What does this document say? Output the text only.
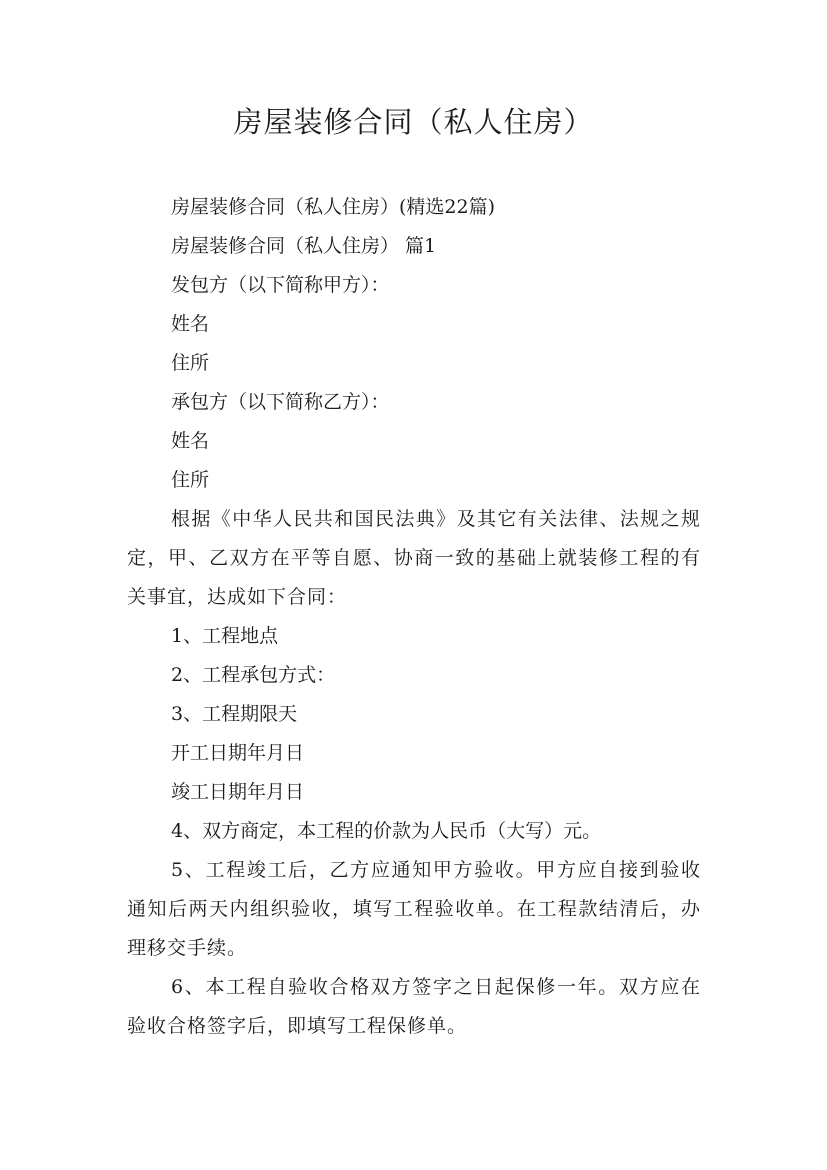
房屋装修合同（私人住房）

房屋装修合同（私人住房）(精选22篇)

房屋装修合同（私人住房） 篇1

发包方（以下简称甲方）：

姓名

住所

承包方（以下简称乙方）：

姓名

住所

根据《中华人民共和国民法典》及其它有关法律、法规之规定，甲、乙双方在平等自愿、协商一致的基础上就装修工程的有关事宜，达成如下合同：

1、工程地点

2、工程承包方式：

3、工程期限天

开工日期年月日

竣工日期年月日

4、双方商定，本工程的价款为人民币（大写）元。

5、工程竣工后，乙方应通知甲方验收。甲方应自接到验收通知后两天内组织验收，填写工程验收单。在工程款结清后，办理移交手续。

6、本工程自验收合格双方签字之日起保修一年。双方应在验收合格签字后，即填写工程保修单。
